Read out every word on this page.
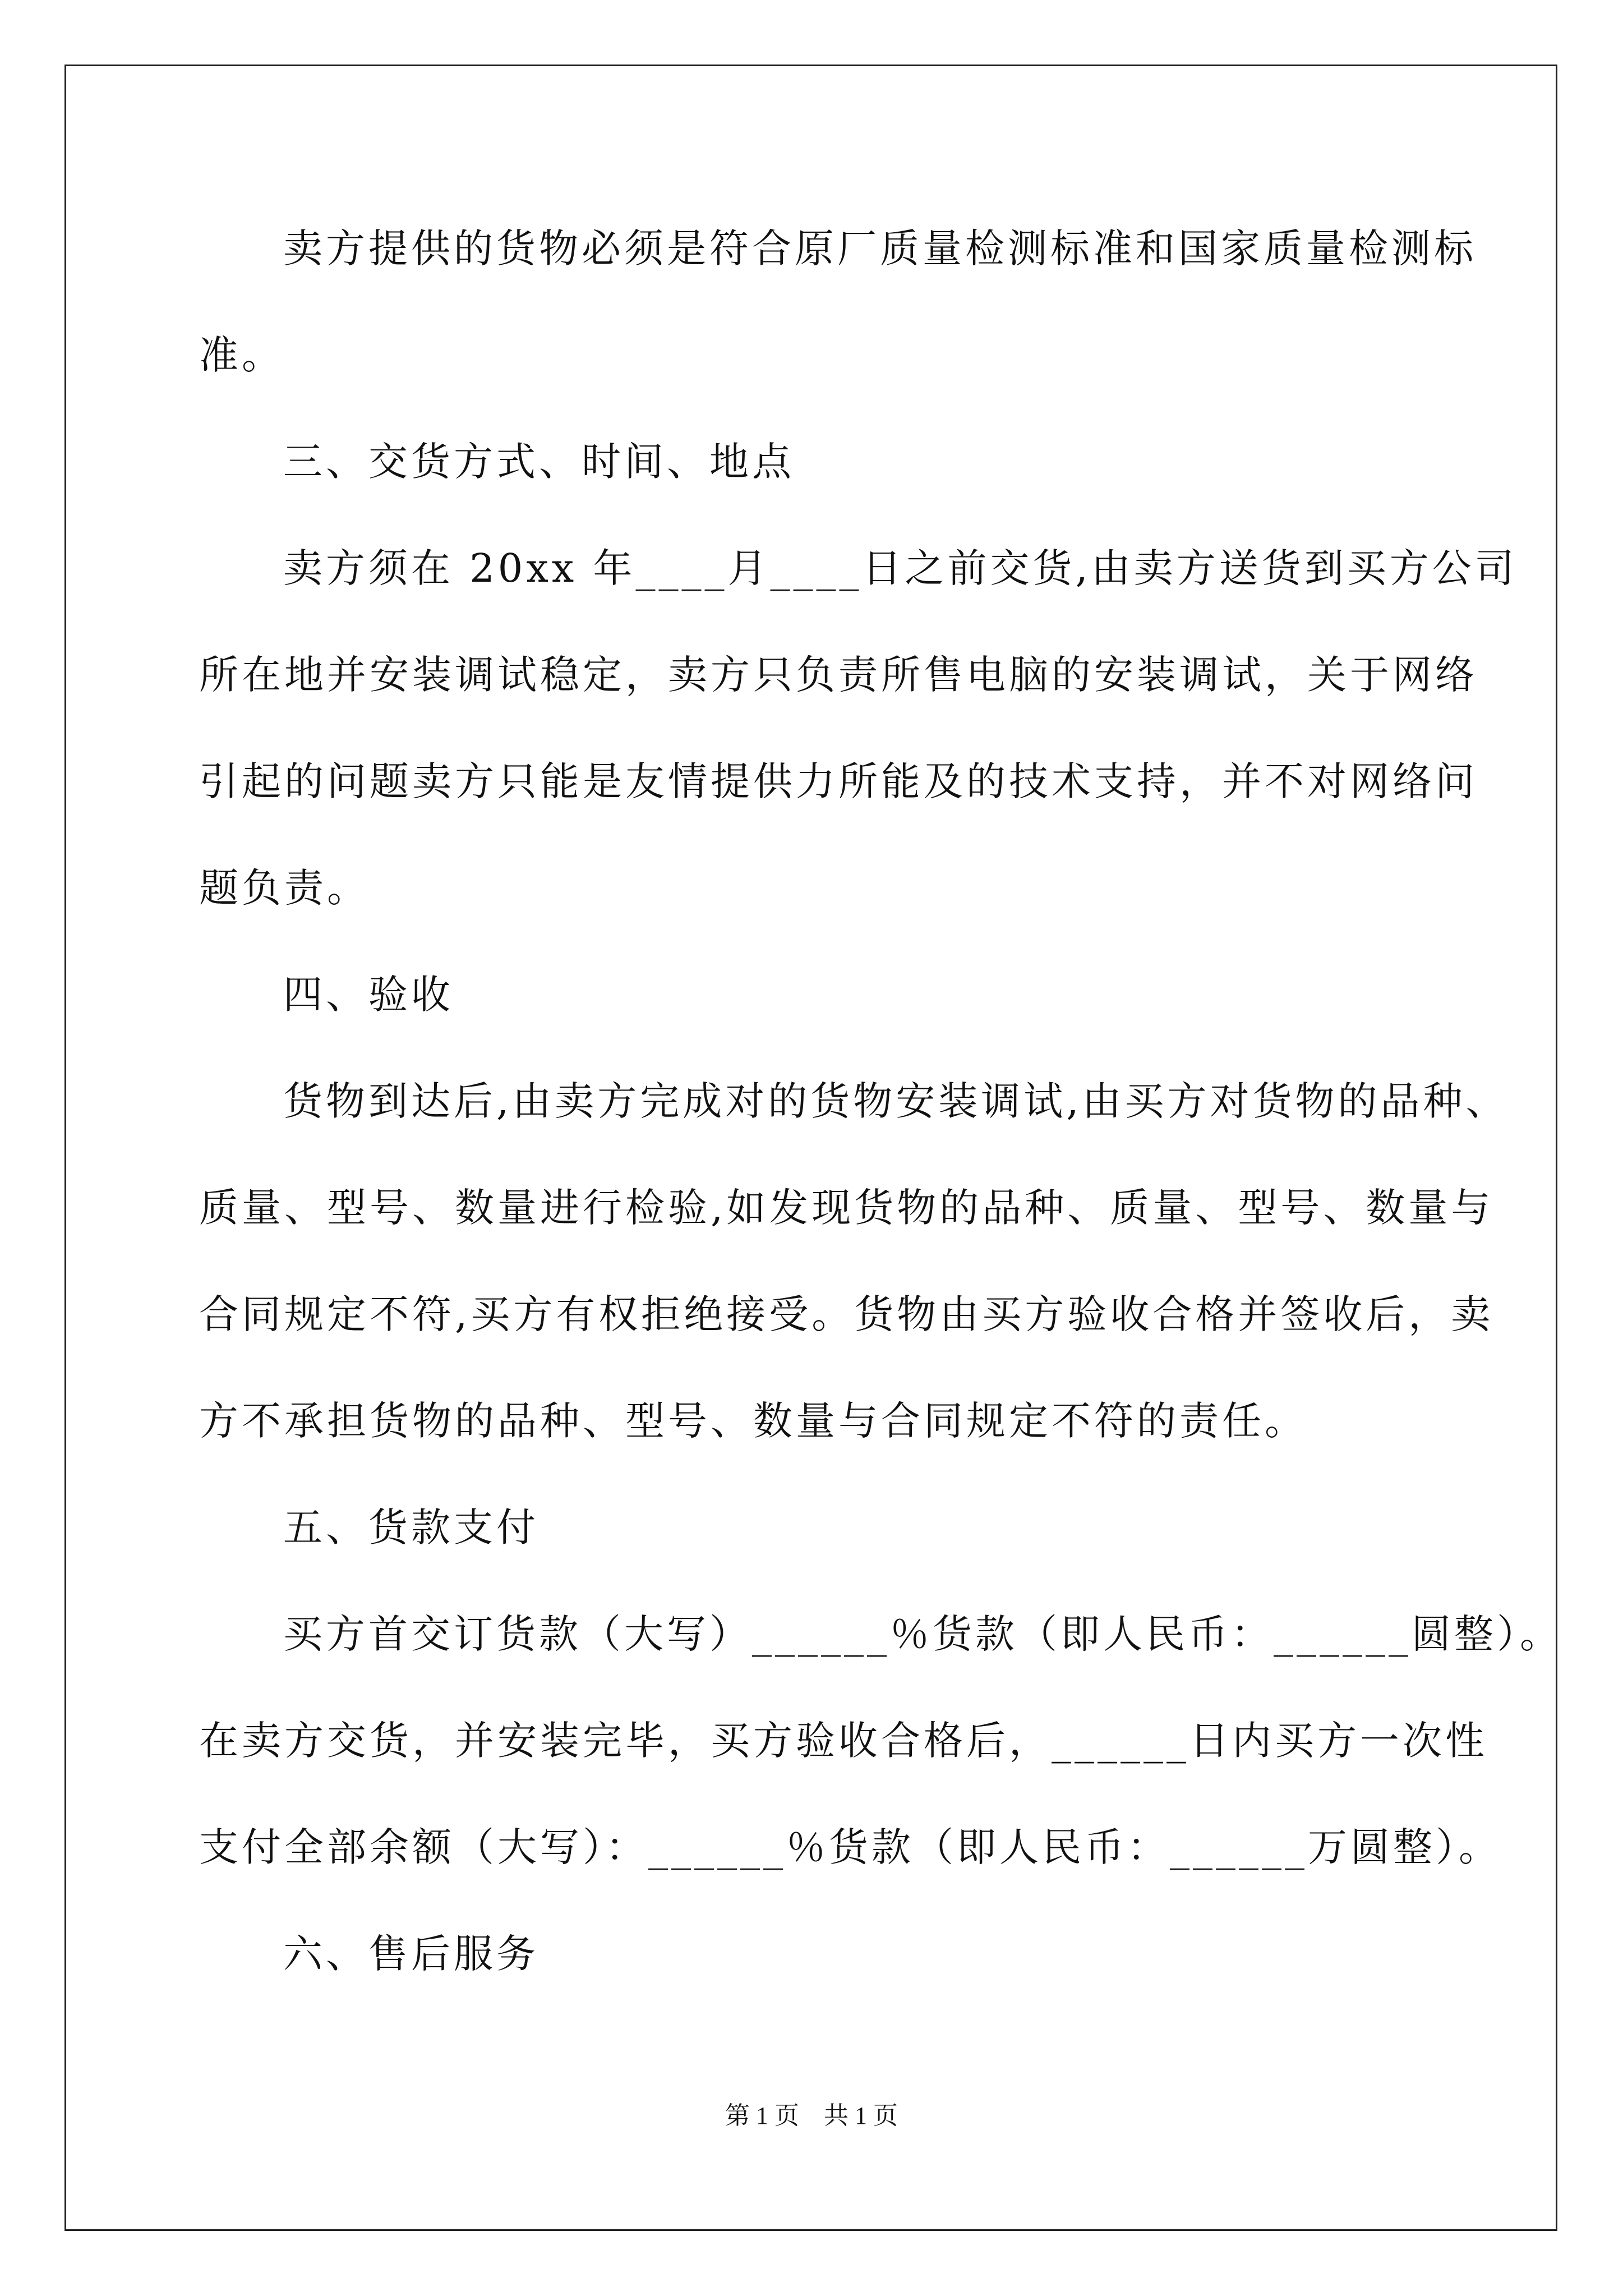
卖方提供的货物必须是符合原厂质量检测标准和国家质量检测标

准。

三、交货方式、时间、地点

卖方须在 20xx 年____月____日之前交货,由卖方送货到买方公司

所在地并安装调试稳定，卖方只负责所售电脑的安装调试，关于网络

引起的问题卖方只能是友情提供力所能及的技术支持，并不对网络问

题负责。

四、验收

货物到达后,由卖方完成对的货物安装调试,由买方对货物的品种、

质量、型号、数量进行检验,如发现货物的品种、质量、型号、数量与

合同规定不符,买方有权拒绝接受。货物由买方验收合格并签收后，卖

方不承担货物的品种、型号、数量与合同规定不符的责任。

五、货款支付

买方首交订货款（大写）______％货款（即人民币：______圆整）。

在卖方交货，并安装完毕，买方验收合格后，______日内买方一次性

支付全部余额（大写）：______％货款（即人民币：______万圆整）。

六、售后服务

第 1 页　共 1 页
